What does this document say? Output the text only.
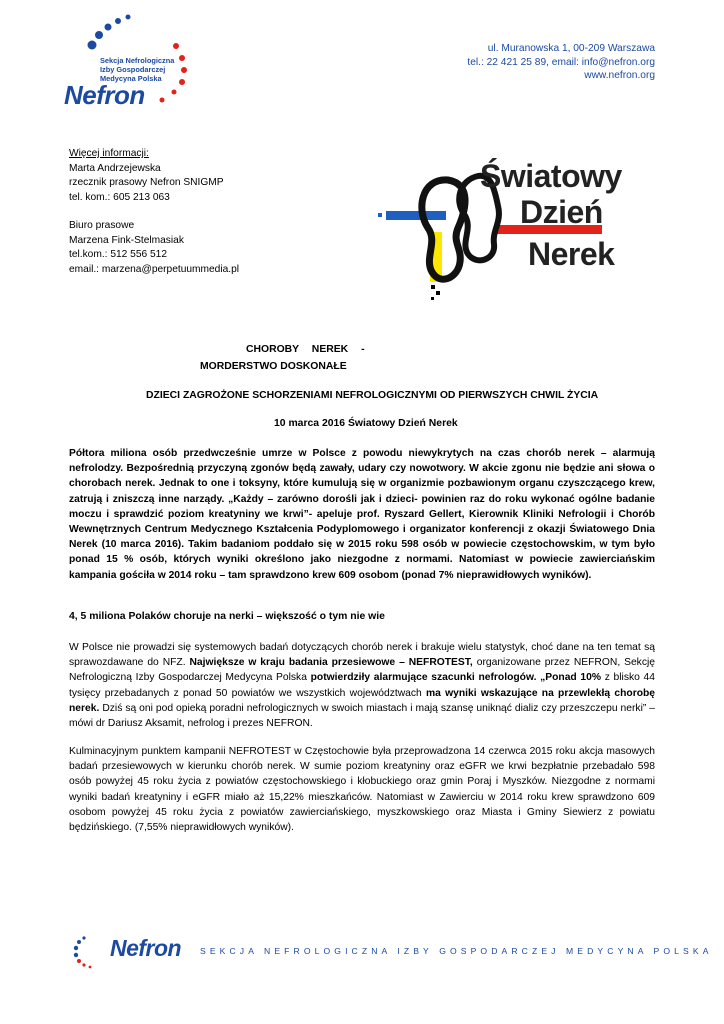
Sekcja Nefrologiczna
Izby Gospodarczej
Medycyna Polska
Nefron
ul. Muranowska 1, 00-209 Warszawa
tel.: 22 421 25 89, email: info@nefron.org
www.nefron.org
Więcej informacji:
Marta Andrzejewska
rzecznik prasowy Nefron SNIGMP
tel. kom.: 605 213 063
Biuro prasowe
Marzena Fink-Stelmasiak
tel.kom.: 512 556 512
email.: marzena@perpetuummedia.pl
Światowy
Dzień
Nerek
CHOROBY NEREK -
MORDERSTWO DOSKONAŁE
DZIECI ZAGROŻONE SCHORZENIAMI NEFROLOGICZNYMI OD PIERWSZYCH CHWIL ŻYCIA
10 marca 2016 Światowy Dzień Nerek
Półtora miliona osób przedwcześnie umrze w Polsce z powodu niewykrytych na czas chorób nerek – alarmują nefrolodzy. Bezpośrednią przyczyną zgonów będą zawały, udary czy nowotwory. W akcie zgonu nie będzie ani słowa o chorobach nerek. Jednak to one i toksyny, które kumulują się w organizmie pozbawionym organu czyszczącego krew, zatrują i zniszczą inne narządy. „Każdy – zarówno dorośli jak i dzieci- powinien raz do roku wykonać ogólne badanie moczu i sprawdzić poziom kreatyniny we krwi”- apeluje prof. Ryszard Gellert, Kierownik Kliniki Nefrologii i Chorób Wewnętrznych Centrum Medycznego Kształcenia Podyplomowego i organizator konferencji z okazji Światowego Dnia Nerek (10 marca 2016). Takim badaniom poddało się w 2015 roku 598 osób w powiecie częstochowskim, w tym było ponad 15 % osób, których wyniki określono jako niezgodne z normami. Natomiast w powiecie zawierciańskim kampania gościła w 2014 roku – tam sprawdzono krew 609 osobom (ponad 7% nieprawidłowych wyników).
4, 5 miliona Polaków choruje na nerki – większość o tym nie wie
W Polsce nie prowadzi się systemowych badań dotyczących chorób nerek i brakuje wielu statystyk, choć dane na ten temat są sprawozdawane do NFZ. Największe w kraju badania przesiewowe – NEFROTEST, organizowane przez NEFRON, Sekcję Nefrologiczną Izby Gospodarczej Medycyna Polska potwierdziły alarmujące szacunki nefrologów. „Ponad 10% z blisko 44 tysięcy przebadanych z ponad 50 powiatów we wszystkich województwach ma wyniki wskazujące na przewlekłą chorobę nerek. Dziś są oni pod opieką poradni nefrologicznych w swoich miastach i mają szansę uniknąć dializ czy przeszczepu nerki” – mówi dr Dariusz Aksamit, nefrolog i prezes NEFRON.
Kulminacyjnym punktem kampanii NEFROTEST w Częstochowie była przeprowadzona 14 czerwca 2015 roku akcja masowych badań przesiewowych w kierunku chorób nerek. W sumie poziom kreatyniny oraz eGFR we krwi bezpłatnie przebadało 598 osób powyżej 45 roku życia z powiatów częstochowskiego i kłobuckiego oraz gmin Poraj i Myszków. Niezgodne z normami wyniki badań kreatyniny i eGFR miało aż 15,22% mieszkańców. Natomiast w Zawierciu w 2014 roku krew sprawdzono 609 osobom powyżej 45 roku życia z powiatów zawierciańskiego, myszkowskiego oraz Miasta i Gminy Siewierz z powiatu będzińskiego. (7,55% nieprawidłowych wyników).
Nefron SEKCJA NEFROLOGICZNA IZBY GOSPODARCZEJ MEDYCYNA POLSKA
